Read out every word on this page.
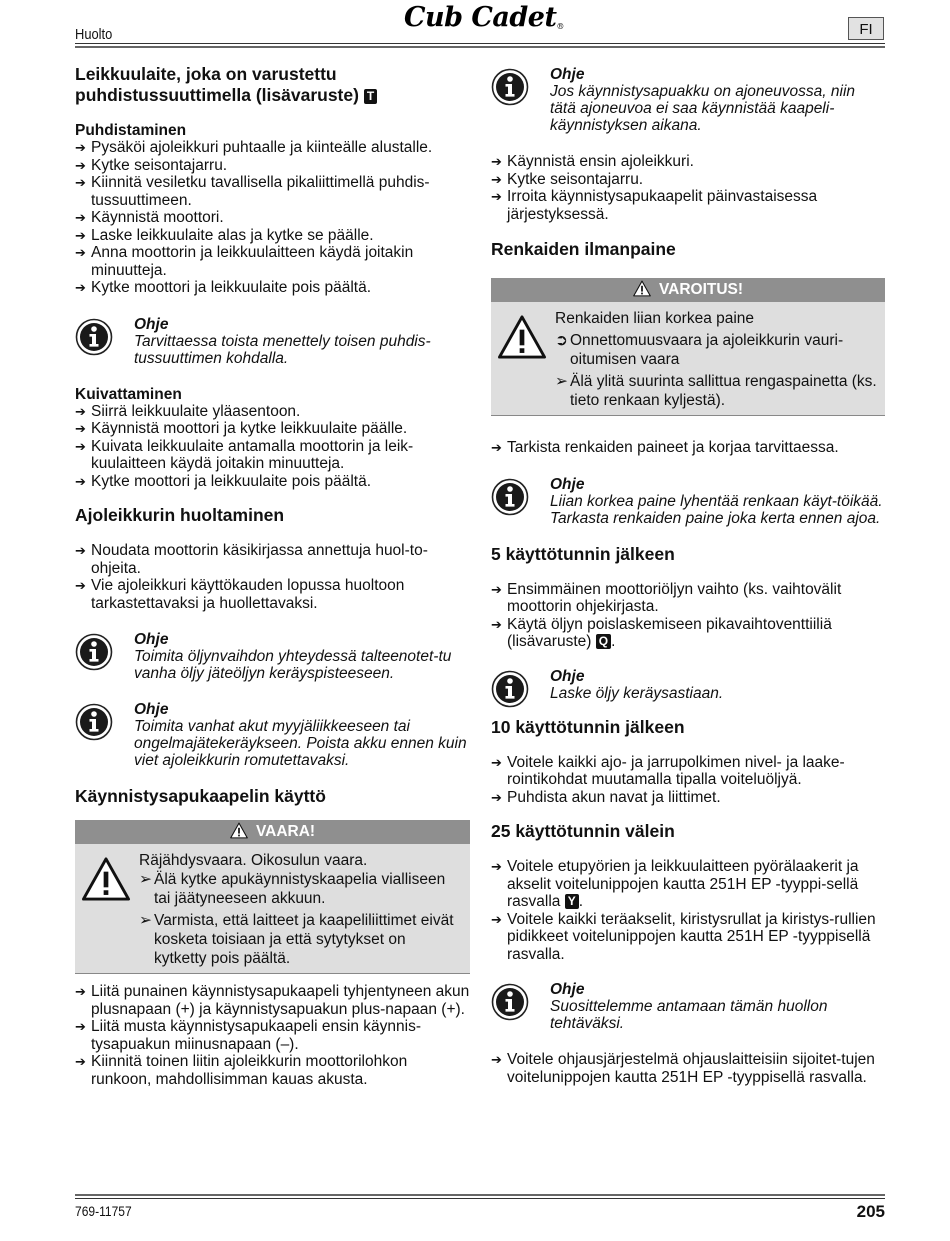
Huolto
Cub Cadet®	FI
Leikkuulaite, joka on varustettu puhdistussuuttimella (lisävaruste) T
Puhdistaminen
➔ Pysäköi ajoleikkuri puhtaalle ja kiinteälle alustalle.
➔ Kytke seisontajarru.
➔ Kiinnitä vesiletku tavallisella pikaliittimellä puhdis-tussuuttimeen.
➔ Käynnistä moottori.
➔ Laske leikkuulaite alas ja kytke se päälle.
➔ Anna moottorin ja leikkuulaitteen käydä joitakin minuutteja.
➔ Kytke moottori ja leikkuulaite pois päältä.
Ohje
Tarvittaessa toista menettely toisen puhdis-tussuuttimen kohdalla.
Kuivattaminen
➔ Siirrä leikkuulaite yläasentoon.
➔ Käynnistä moottori ja kytke leikkuulaite päälle.
➔ Kuivata leikkuulaite antamalla moottorin ja leik-kuulaitteen käydä joitakin minuutteja.
➔ Kytke moottori ja leikkuulaite pois päältä.
Ajoleikkurin huoltaminen
➔ Noudata moottorin käsikirjassa annettuja huol-to-ohjeita.
➔ Vie ajoleikkuri käyttökauden lopussa huoltoon tarkastettavaksi ja huollettavaksi.
Ohje
Toimita öljynvaihdon yhteydessä talteenotet-tu vanha öljy jäteöljyn keräyspisteeseen.
Ohje
Toimita vanhat akut myyjäliikkeeseen tai ongelmajätekeräykseen. Poista akku ennen kuin viet ajoleikkurin romutettavaksi.
Käynnistysapukaapelin käyttö
VAARA!
Räjähdysvaara. Oikosulun vaara.
➢ Älä kytke apukäynnistyskaapelia vialliseen tai jäätyneeseen akkuun.
➢ Varmista, että laitteet ja kaapeliliittimet eivät kosketa toisiaan ja että sytytykset on kytketty pois päältä.
➔ Liitä punainen käynnistysapukaapeli tyhjentyneen akun plusnapaan (+) ja käynnistysapuakun plus-napaan (+).
➔ Liitä musta käynnistysapukaapeli ensin käynnis-tysapuakun miinusnapaan (–).
➔ Kiinnitä toinen liitin ajoleikkurin moottorilohkon runkoon, mahdollisimman kauas akusta.
Ohje
Jos käynnistysapuakku on ajoneuvossa, niin tätä ajoneuvoa ei saa käynnistää kaapeli-käynnistyksen aikana.
➔ Käynnistä ensin ajoleikkuri.
➔ Kytke seisontajarru.
➔ Irroita käynnistysapukaapelit päinvastaisessa järjestyksessä.
Renkaiden ilmanpaine
VAROITUS!
Renkaiden liian korkea paine
➲ Onnettomuusvaara ja ajoleikkurin vauri-oitumisen vaara
➢ Älä ylitä suurinta sallittua rengaspainetta (ks. tieto renkaan kyljestä).
➔ Tarkista renkaiden paineet ja korjaa tarvittaessa.
Ohje
Liian korkea paine lyhentää renkaan käyt-töikää. Tarkasta renkaiden paine joka kerta ennen ajoa.
5 käyttötunnin jälkeen
➔ Ensimmäinen moottoriöljyn vaihto (ks. vaihtovälit moottorin ohjekirjasta.
➔ Käytä öljyn poislaskemiseen pikavaihtoventtiiliä (lisävaruste) Q .
Ohje
Laske öljy keräysastiaan.
10 käyttötunnin jälkeen
➔ Voitele kaikki ajo- ja jarrupolkimen nivel- ja laake-rointikohdat muutamalla tipalla voiteluöljyä.
➔ Puhdista akun navat ja liittimet.
25 käyttötunnin välein
➔ Voitele etupyörien ja leikkuulaitteen pyörälaakerit ja akselit voitelunippojen kautta 251H EP -tyyppi-sellä rasvalla Y .
➔ Voitele kaikki teräakselit, kiristysrullat ja kiristys-rullien pidikkeet voitelunippojen kautta 251H EP -tyyppisellä rasvalla.
Ohje
Suosittelemme antamaan tämän huollon tehtäväksi.
➔ Voitele ohjausjärjestelmä ohjauslaitteisiin sijoitet-tujen voitelunippojen kautta 251H EP -tyyppisellä rasvalla.
769-11757	205
